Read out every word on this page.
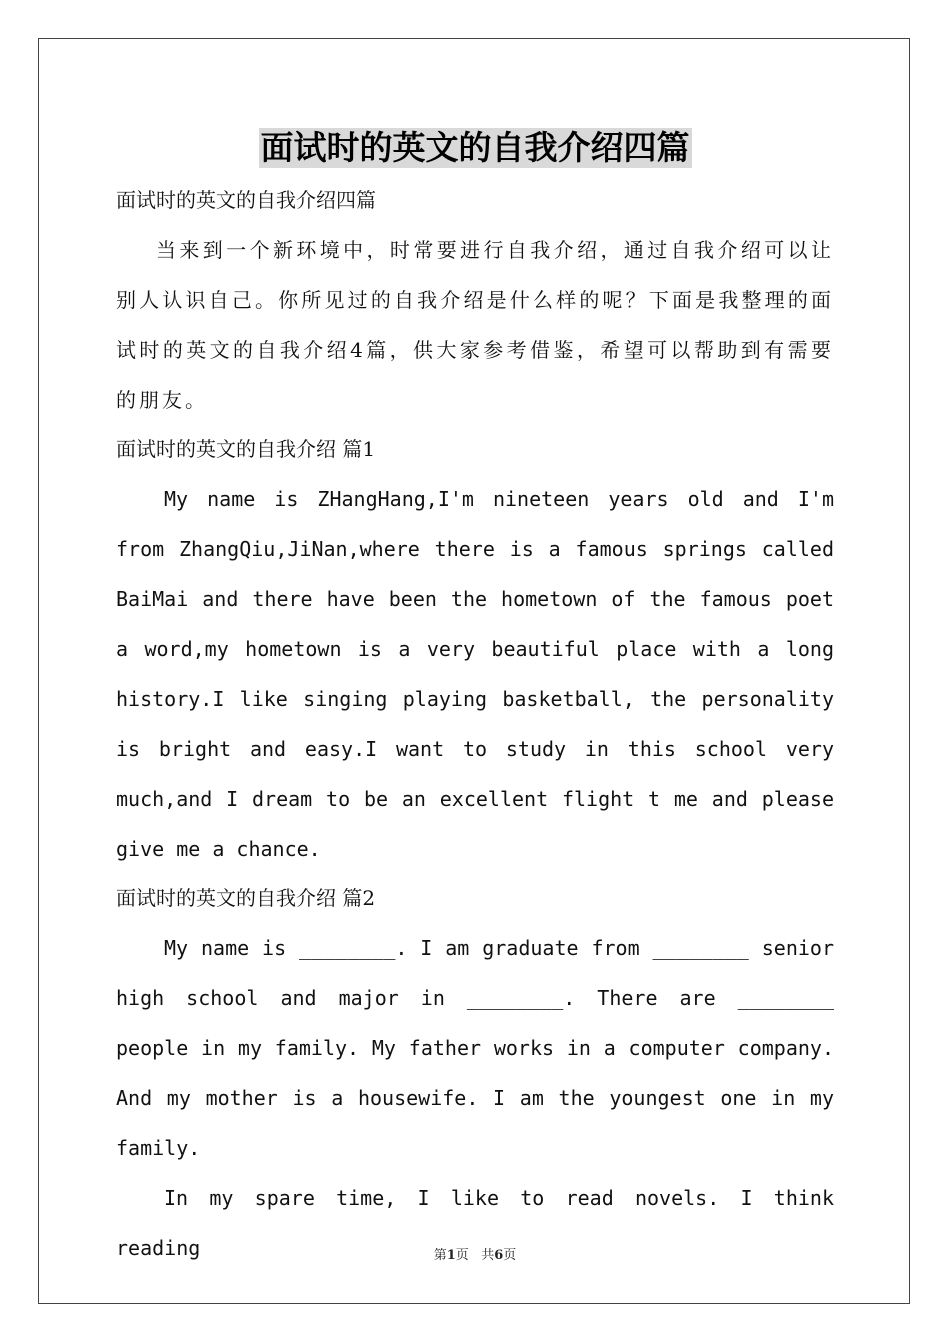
面试时的英文的自我介绍四篇
面试时的英文的自我介绍四篇
当来到一个新环境中，时常要进行自我介绍，通过自我介绍可以让别人认识自己。你所见过的自我介绍是什么样的呢？下面是我整理的面试时的英文的自我介绍4篇，供大家参考借鉴，希望可以帮助到有需要的朋友。
面试时的英文的自我介绍 篇1
My name is ZHangHang,I'm nineteen years old and I'm from ZhangQiu,JiNan,where there is a famous springs called BaiMai and there have been the hometown of the famous poet a word,my hometown is a very beautiful place with a long history.I like singing playing basketball, the personality is bright and easy.I want to study in this school very much,and I dream to be an excellent flight t me and please give me a chance.
面试时的英文的自我介绍 篇2
My name is ________. I am graduate from ________ senior high school and major in ________. There are ________ people in my family. My father works in a computer company. And my mother is a housewife. I am the youngest one in my family.
In my spare time, I like to read novels. I think reading	第1页 共6页
